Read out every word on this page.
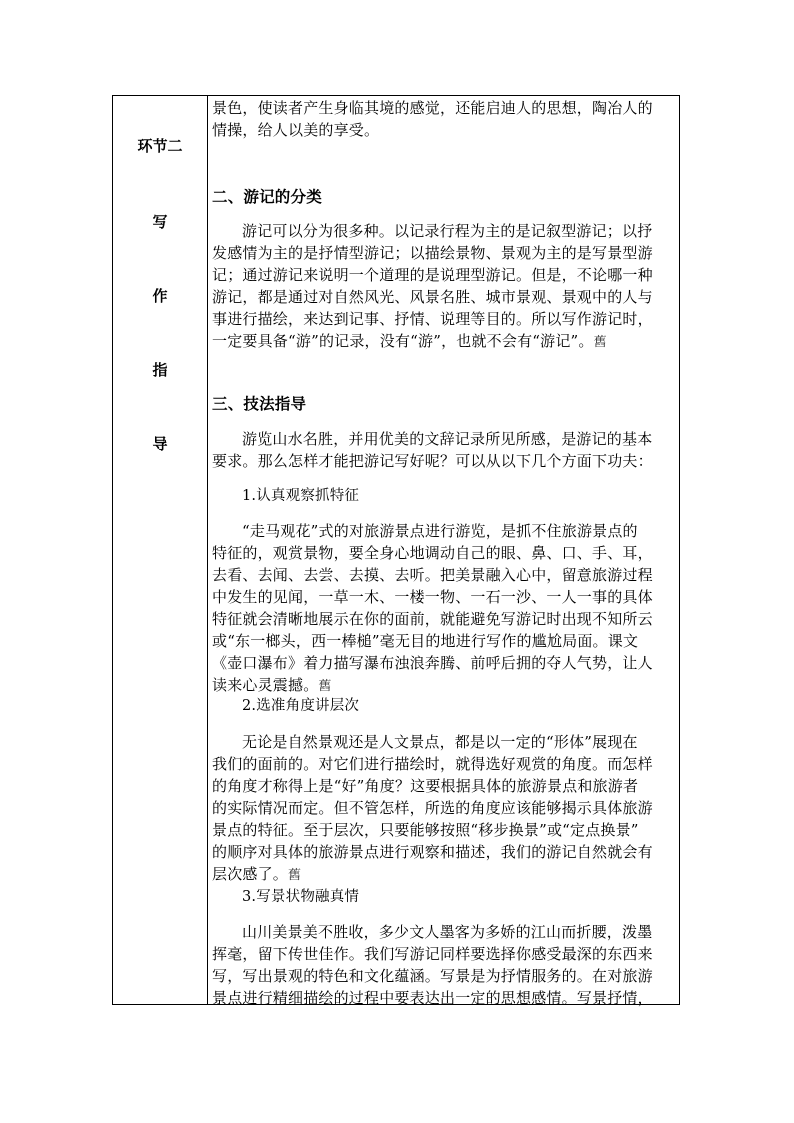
环节二
写
作
指
导
景色，使读者产生身临其境的感觉，还能启迪人的思想，陶冶人的
情操，给人以美的享受。
二、游记的分类
游记可以分为很多种。以记录行程为主的是记叙型游记；以抒
发感情为主的是抒情型游记；以描绘景物、景观为主的是写景型游
记；通过游记来说明一个道理的是说理型游记。但是，不论哪一种
游记，都是通过对自然风光、风景名胜、城市景观、景观中的人与
事进行描绘，来达到记事、抒情、说理等目的。所以写作游记时，
一定要具备“游”的记录，没有“游”，也就不会有“游记”。舊
三、技法指导
游览山水名胜，并用优美的文辞记录所见所感，是游记的基本
要求。那么怎样才能把游记写好呢？可以从以下几个方面下功夫：
1.认真观察抓特征
“走马观花”式的对旅游景点进行游览，是抓不住旅游景点的
特征的，观赏景物，要全身心地调动自己的眼、鼻、口、手、耳，
去看、去闻、去尝、去摸、去听。把美景融入心中，留意旅游过程
中发生的见闻，一草一木、一楼一物、一石一沙、一人一事的具体
特征就会清晰地展示在你的面前，就能避免写游记时出现不知所云
或“东一榔头，西一棒槌”毫无目的地进行写作的尴尬局面。课文
《壶口瀑布》着力描写瀑布浊浪奔腾、前呼后拥的夺人气势，让人
读来心灵震撼。舊
2.选准角度讲层次
无论是自然景观还是人文景点，都是以一定的“形体”展现在
我们的面前的。对它们进行描绘时，就得选好观赏的角度。而怎样
的角度才称得上是“好”角度？这要根据具体的旅游景点和旅游者
的实际情况而定。但不管怎样，所选的角度应该能够揭示具体旅游
景点的特征。至于层次，只要能够按照“移步换景”或“定点换景”
的顺序对具体的旅游景点进行观察和描述，我们的游记自然就会有
层次感了。舊
3.写景状物融真情
山川美景美不胜收，多少文人墨客为多娇的江山而折腰，泼墨
挥毫，留下传世佳作。我们写游记同样要选择你感受最深的东西来
写，写出景观的特色和文化蕴涵。写景是为抒情服务的。在对旅游
景点进行精细描绘的过程中要表达出一定的思想感情。写景抒情，
